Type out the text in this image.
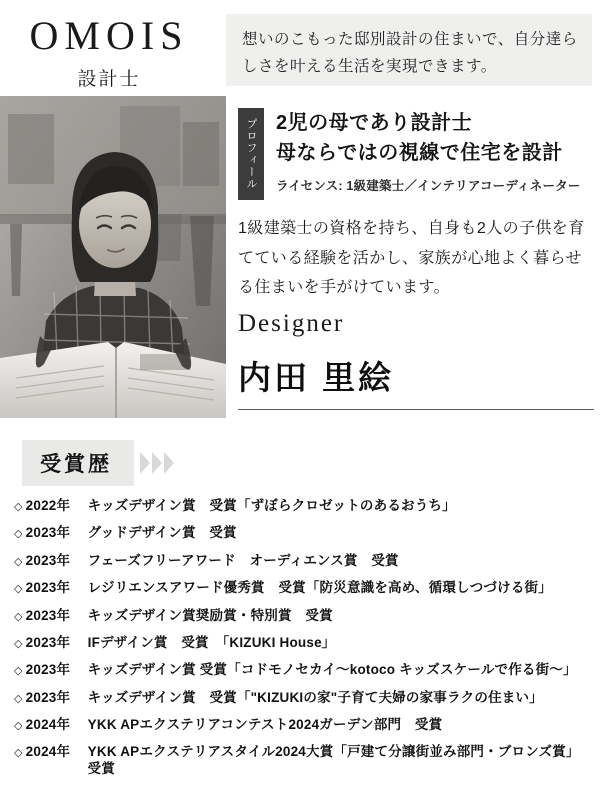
OMOIS
設計士
想いのこもった邸別設計の住まいで、自分達らしさを叶える生活を実現できます。
プロフィール 2児の母であり設計士
母ならではの視線で住宅を設計
ライセンス: 1級建築士／インテリアコーディネーター
1級建築士の資格を持ち、自身も2人の子供を育てている経験を活かし、家族が心地よく暮らせる住まいを手がけています。
Designer
内田 里絵
受賞歴
◇ 2022年	キッズデザイン賞　受賞「ずぼらクロゼットのあるおうち」
◇ 2023年	グッドデザイン賞　受賞
◇ 2023年	フェーズフリーアワード　オーディエンス賞　受賞
◇ 2023年	レジリエンスアワード優秀賞　受賞「防災意識を高め、循環しつづける街」
◇ 2023年	キッズデザイン賞奨励賞・特別賞　受賞
◇ 2023年	IFデザイン賞　受賞　「KIZUKI House」
◇ 2023年	キッズデザイン賞 受賞「コドモノセカイ〜kotoco キッズスケールで作る街〜」
◇ 2023年	キッズデザイン賞　受賞「"KIZUKIの家"子育て夫婦の家事ラクの住まい」
◇ 2024年	YKK APエクステリアコンテスト2024ガーデン部門　受賞
◇ 2024年	YKK APエクステリアスタイル2024大賞「戸建て分譲街並み部門・ブロンズ賞」　受賞
